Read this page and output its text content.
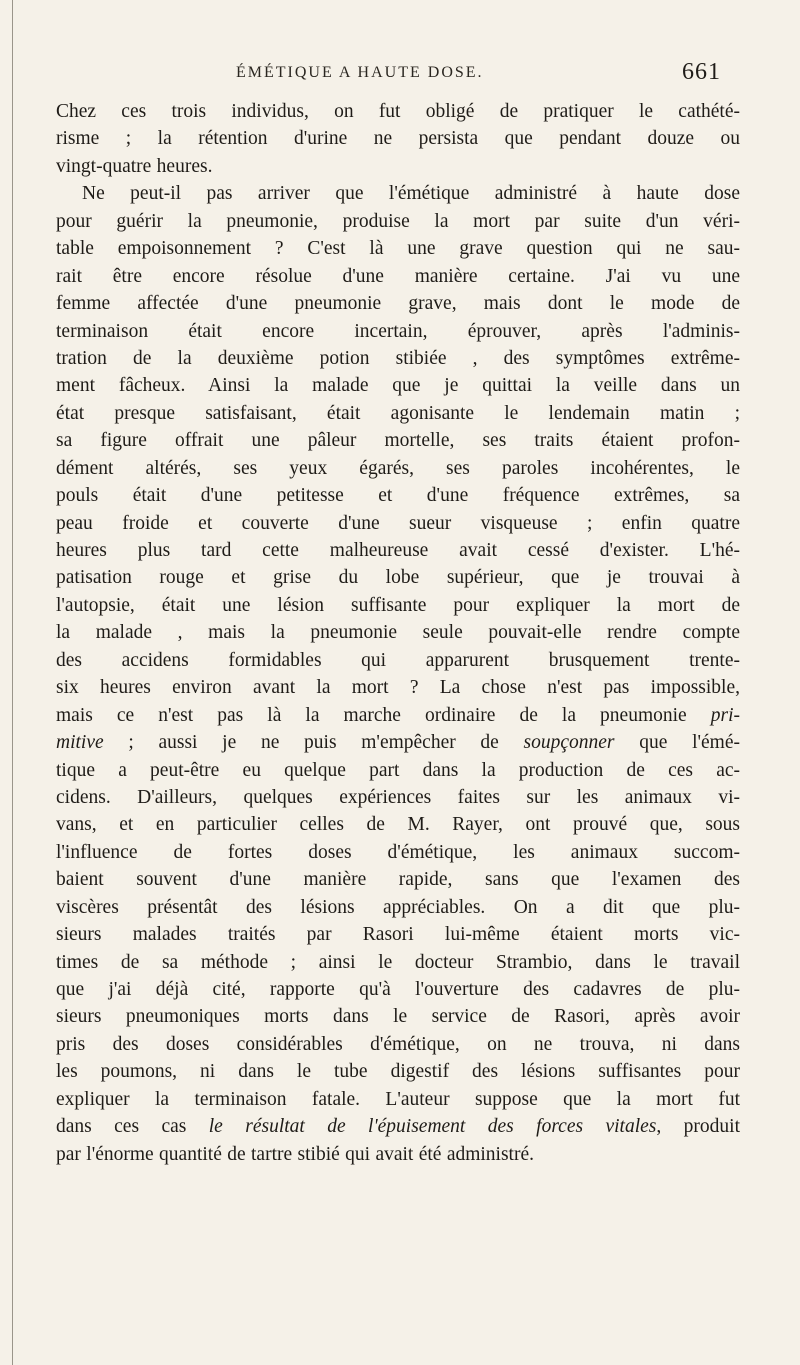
ÉMÉTIQUE A HAUTE DOSE.	661
Chez ces trois individus, on fut obligé de pratiquer le cathété-
risme ; la rétention d'urine ne persista que pendant douze ou
vingt-quatre heures.
Ne peut-il pas arriver que l'émétique administré à haute dose
pour guérir la pneumonie, produise la mort par suite d'un véri-
table empoisonnement ? C'est là une grave question qui ne sau-
rait être encore résolue d'une manière certaine. J'ai vu une
femme affectée d'une pneumonie grave, mais dont le mode de
terminaison était encore incertain, éprouver, après l'adminis-
tration de la deuxième potion stibiée , des symptômes extrême-
ment fâcheux. Ainsi la malade que je quittai la veille dans un
état presque satisfaisant, était agonisante le lendemain matin ;
sa figure offrait une pâleur mortelle, ses traits étaient profon-
dément altérés, ses yeux égarés, ses paroles incohérentes, le
pouls était d'une petitesse et d'une fréquence extrêmes, sa
peau froide et couverte d'une sueur visqueuse ; enfin quatre
heures plus tard cette malheureuse avait cessé d'exister. L'hé-
patisation rouge et grise du lobe supérieur, que je trouvai à
l'autopsie, était une lésion suffisante pour expliquer la mort de
la malade , mais la pneumonie seule pouvait-elle rendre compte
des accidens formidables qui apparurent brusquement trente-
six heures environ avant la mort ? La chose n'est pas impossible,
mais ce n'est pas là la marche ordinaire de la pneumonie pri-
mitive ; aussi je ne puis m'empêcher de soupçonner que l'émé-
tique a peut-être eu quelque part dans la production de ces ac-
cidens. D'ailleurs, quelques expériences faites sur les animaux vi-
vans, et en particulier celles de M. Rayer, ont prouvé que, sous
l'influence de fortes doses d'émétique, les animaux succom-
baient souvent d'une manière rapide, sans que l'examen des
viscères présentât des lésions appréciables. On a dit que plu-
sieurs malades traités par Rasori lui-même étaient morts vic-
times de sa méthode ; ainsi le docteur Strambio, dans le travail
que j'ai déjà cité, rapporte qu'à l'ouverture des cadavres de plu-
sieurs pneumoniques morts dans le service de Rasori, après avoir
pris des doses considérables d'émétique, on ne trouva, ni dans
les poumons, ni dans le tube digestif des lésions suffisantes pour
expliquer la terminaison fatale. L'auteur suppose que la mort fut
dans ces cas le résultat de l'épuisement des forces vitales, produit
par l'énorme quantité de tartre stibié qui avait été administré.
